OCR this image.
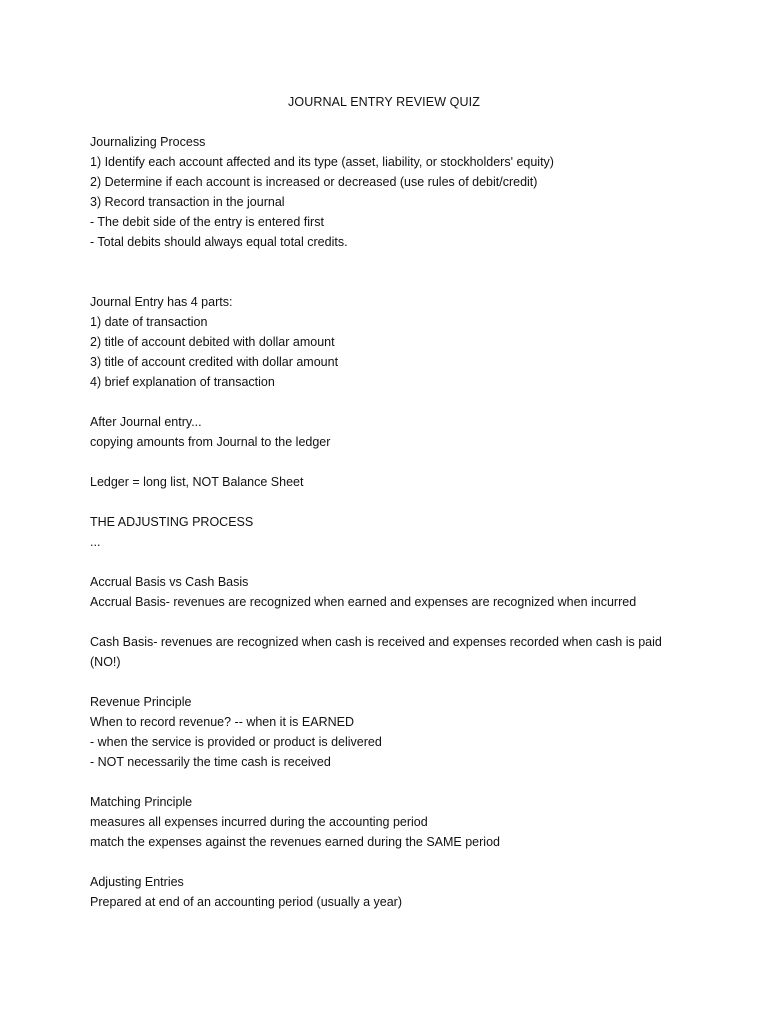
JOURNAL ENTRY REVIEW QUIZ
Journalizing Process
1) Identify each account affected and its type (asset, liability, or stockholders' equity)
2) Determine if each account is increased or decreased (use rules of debit/credit)
3) Record transaction in the journal
- The debit side of the entry is entered first
- Total debits should always equal total credits.
Journal Entry has 4 parts:
1) date of transaction
2) title of account debited with dollar amount
3) title of account credited with dollar amount
4) brief explanation of transaction
After Journal entry...
copying amounts from Journal to the ledger
Ledger = long list, NOT Balance Sheet
THE ADJUSTING PROCESS
...
Accrual Basis vs Cash Basis
Accrual Basis- revenues are recognized when earned and expenses are recognized when incurred
Cash Basis- revenues are recognized when cash is received and expenses recorded when cash is paid (NO!)
Revenue Principle
When to record revenue? -- when it is EARNED
- when the service is provided or product is delivered
- NOT necessarily the time cash is received
Matching Principle
measures all expenses incurred during the accounting period
match the expenses against the revenues earned during the SAME period
Adjusting Entries
Prepared at end of an accounting period (usually a year)
